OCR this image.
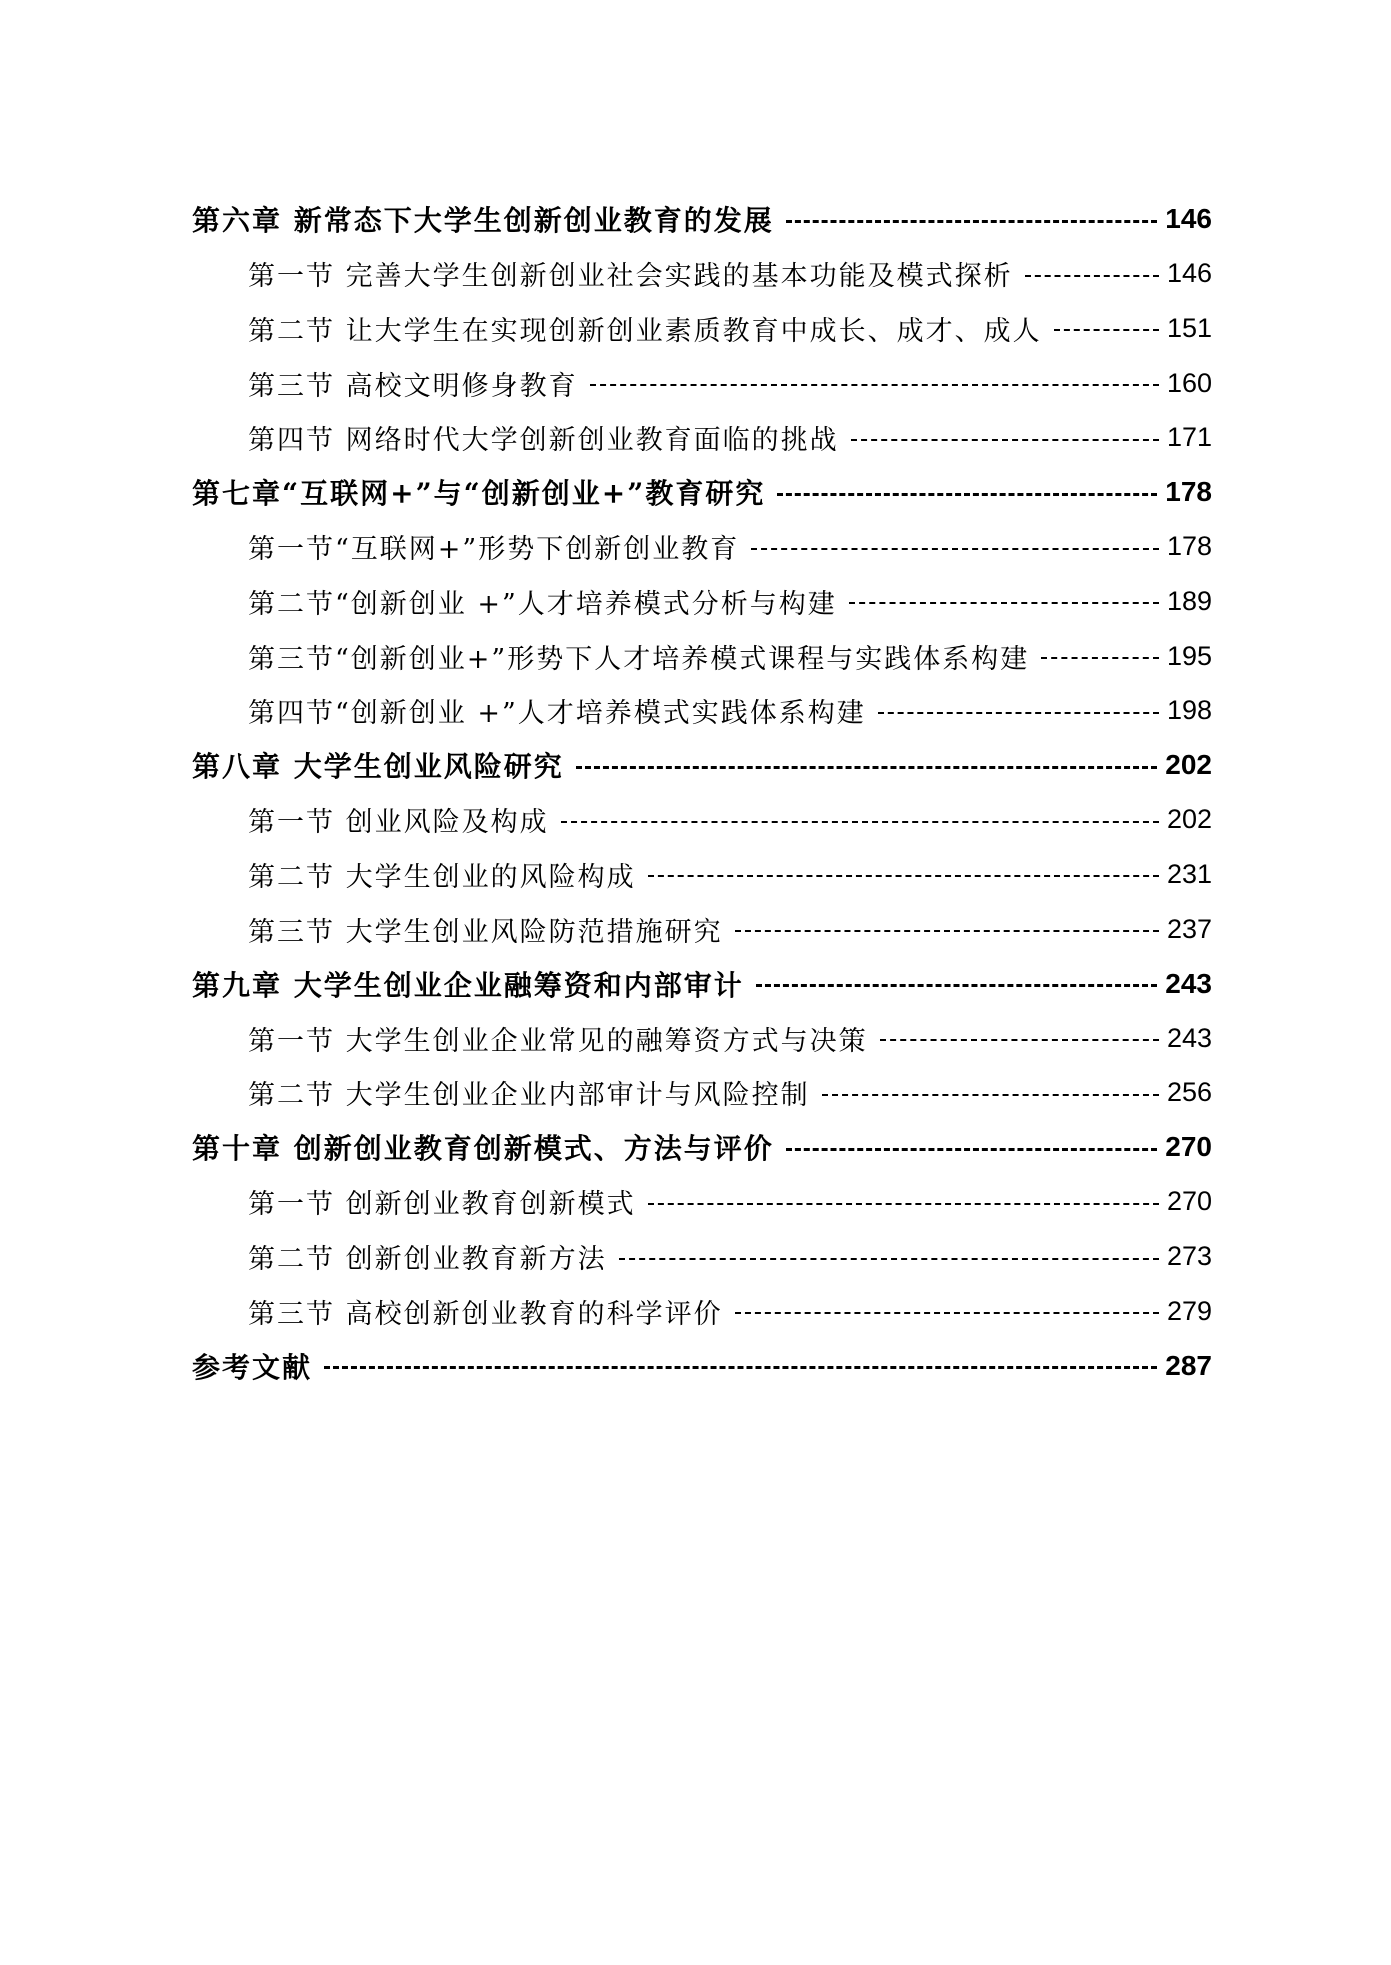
第六章 新常态下大学生创新创业教育的发展	146
第一节 完善大学生创新创业社会实践的基本功能及模式探析	146
第二节 让大学生在实现创新创业素质教育中成长、成才、成人	151
第三节 高校文明修身教育	160
第四节 网络时代大学创新创业教育面临的挑战	171
第七章“互联网+”与“创新创业+”教育研究	178
第一节“互联网+”形势下创新创业教育	178
第二节“创新创业 +”人才培养模式分析与构建	189
第三节“创新创业+”形势下人才培养模式课程与实践体系构建	195
第四节“创新创业 +”人才培养模式实践体系构建	198
第八章 大学生创业风险研究	202
第一节 创业风险及构成	202
第二节 大学生创业的风险构成	231
第三节 大学生创业风险防范措施研究	237
第九章 大学生创业企业融筹资和内部审计	243
第一节 大学生创业企业常见的融筹资方式与决策	243
第二节 大学生创业企业内部审计与风险控制	256
第十章 创新创业教育创新模式、方法与评价	270
第一节 创新创业教育创新模式	270
第二节 创新创业教育新方法	273
第三节 高校创新创业教育的科学评价	279
参考文献	287
